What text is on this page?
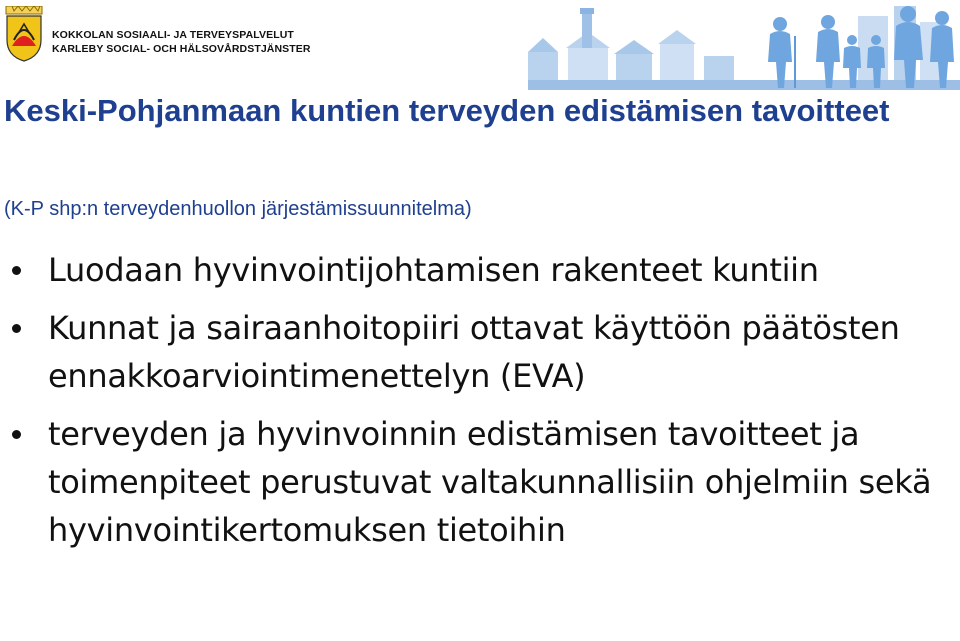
KOKKOLAN SOSIAALI- JA TERVEYSPALVELUT
KARLEBY SOCIAL- OCH HÄLSOVÅRDSTJÄNSTER
Keski-Pohjanmaan kuntien terveyden edistämisen tavoitteet
(K-P shp:n terveydenhuollon järjestämissuunnitelma)
Luodaan hyvinvointijohtamisen rakenteet kuntiin
Kunnat ja sairaanhoitopiiri ottavat käyttöön päätösten ennakkoarviointimenettelyn (EVA)
terveyden ja hyvinvoinnin edistämisen tavoitteet ja toimenpiteet perustuvat valtakunnallisiin ohjelmiin sekä hyvinvointikertomuksen tietoihin
